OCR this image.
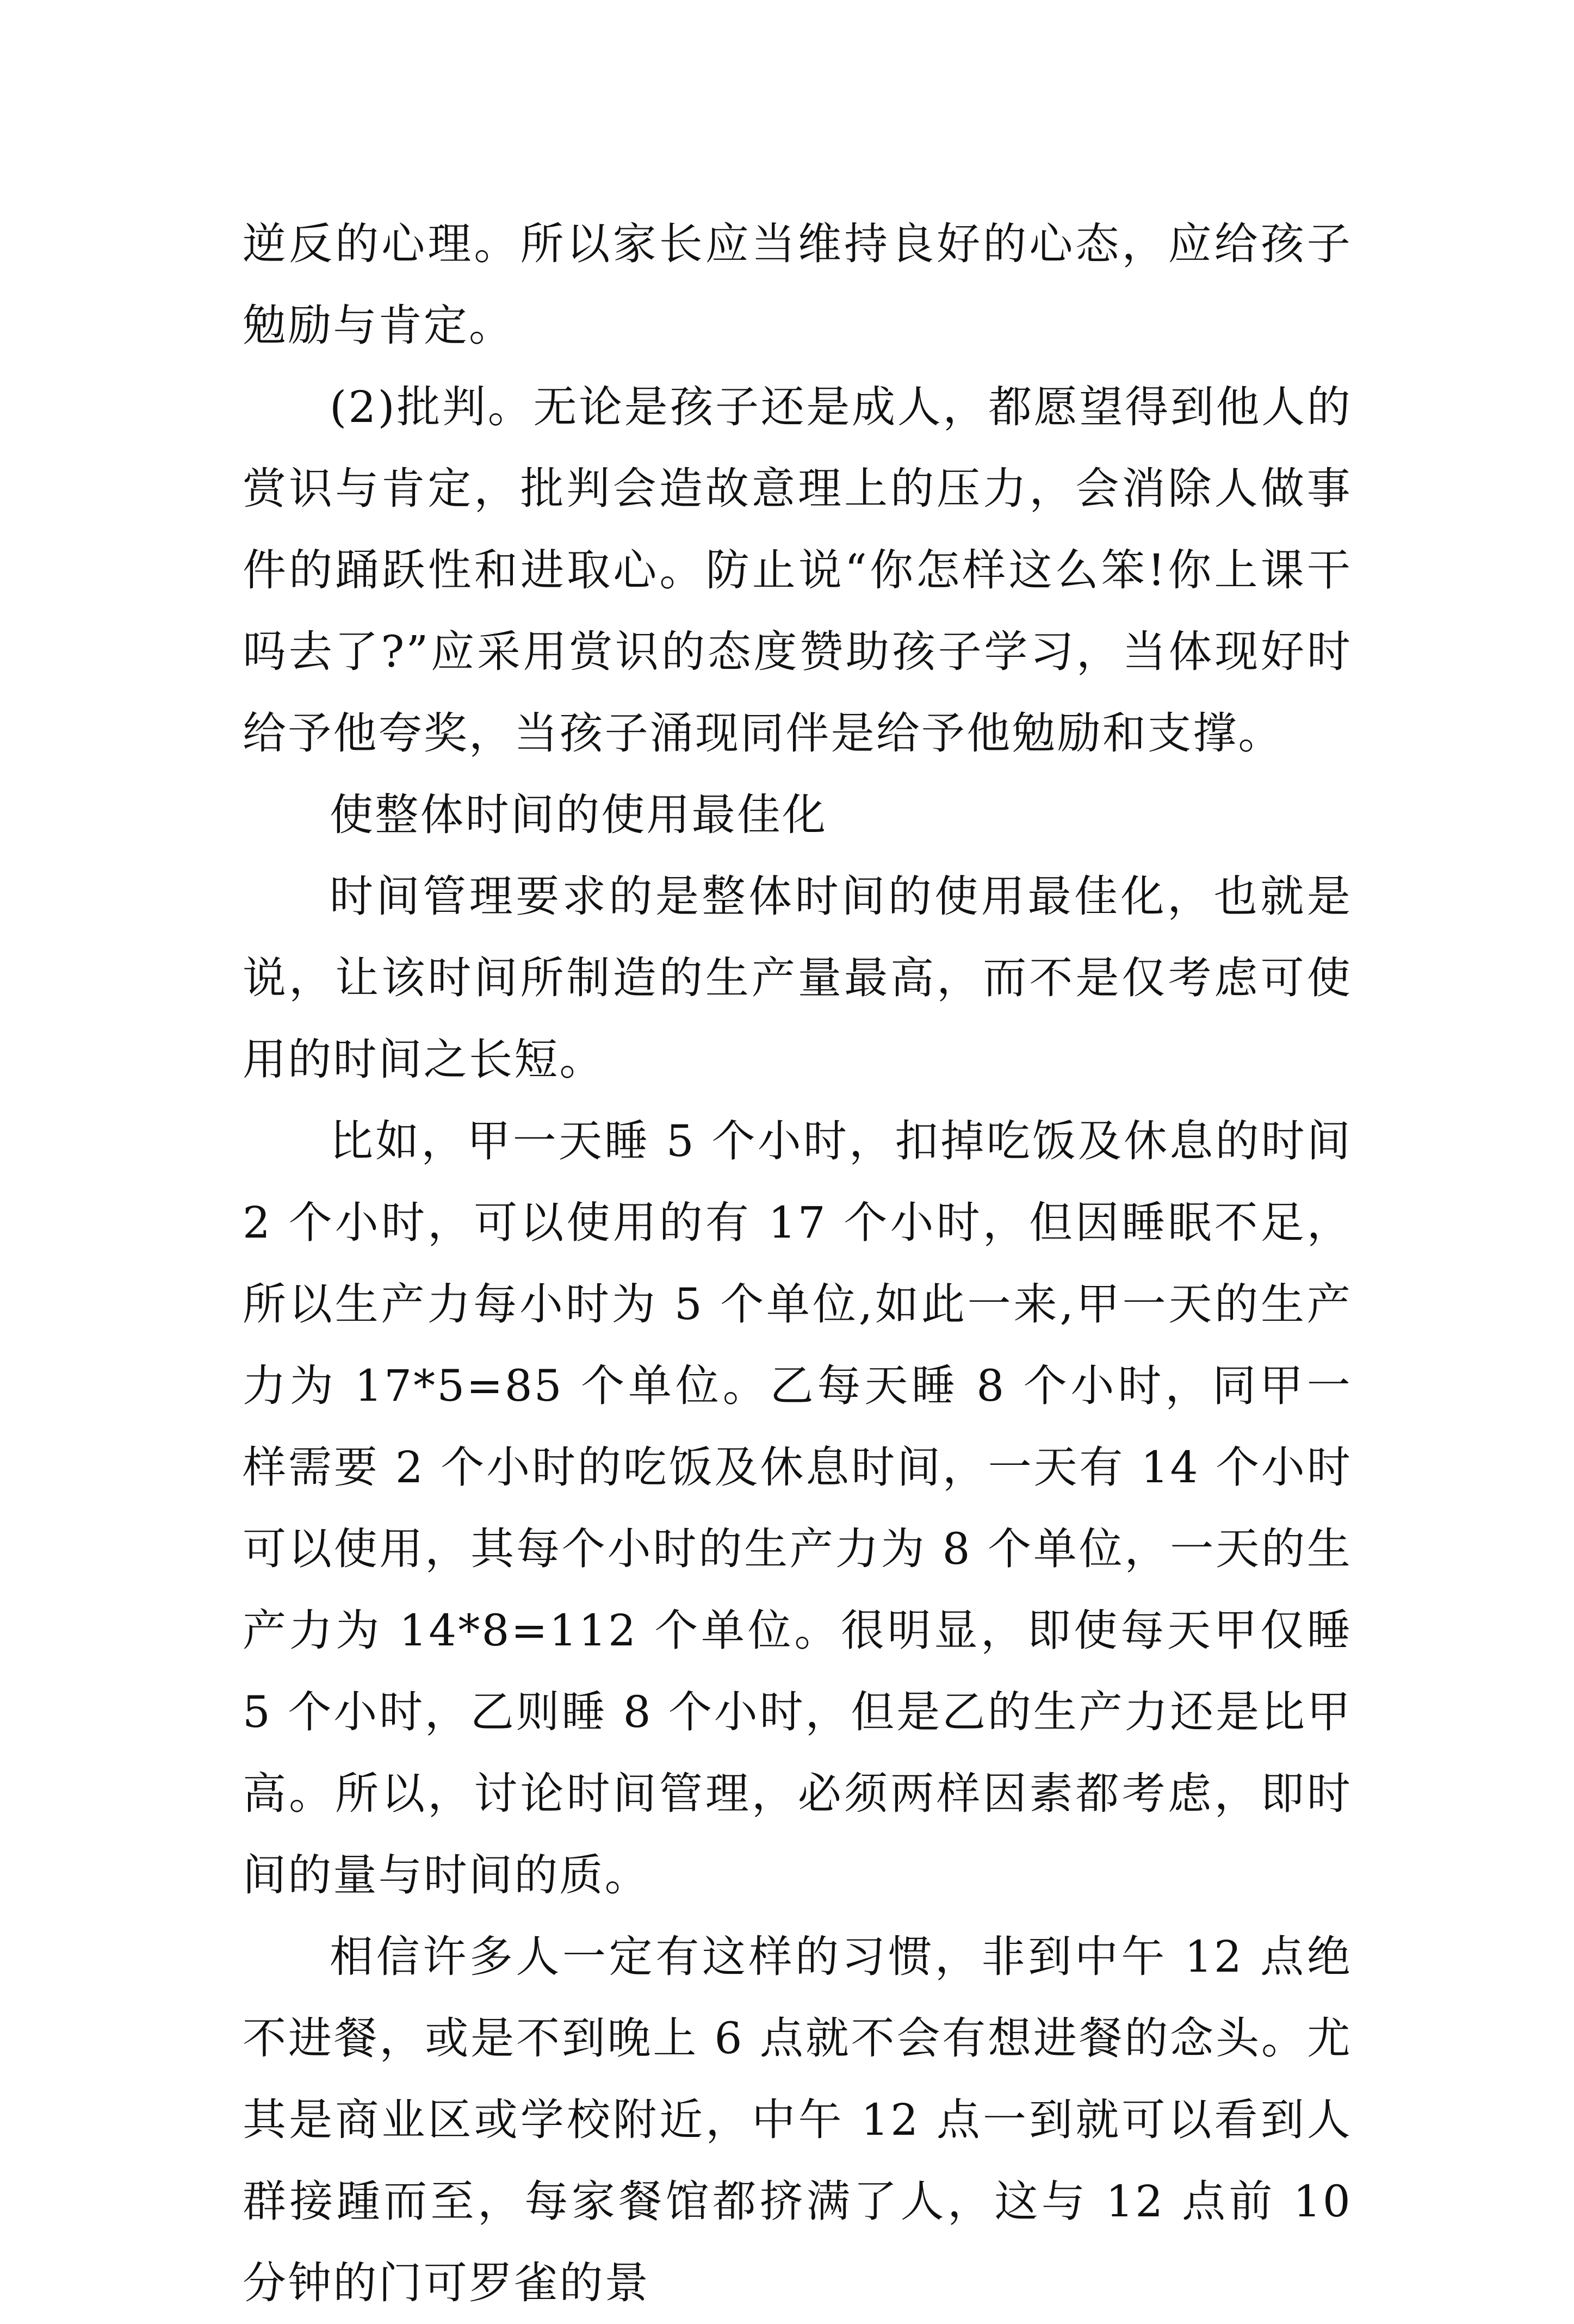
逆反的心理。所以家长应当维持良好的心态，应给孩子勉励与肯定。

(2)批判。无论是孩子还是成人，都愿望得到他人的赏识与肯定，批判会造故意理上的压力，会消除人做事件的踊跃性和进取心。防止说“你怎样这么笨!你上课干吗去了?”应采用赏识的态度赞助孩子学习，当体现好时给予他夸奖，当孩子涌现同伴是给予他勉励和支撑。

使整体时间的使用最佳化

时间管理要求的是整体时间的使用最佳化，也就是说，让该时间所制造的生产量最高，而不是仅考虑可使用的时间之长短。

比如，甲一天睡 5 个小时，扣掉吃饭及休息的时间 2 个小时，可以使用的有 17 个小时，但因睡眠不足，所以生产力每小时为 5 个单位,如此一来,甲一天的生产力为 17*5=85 个单位。乙每天睡 8 个小时，同甲一样需要 2 个小时的吃饭及休息时间，一天有 14 个小时可以使用，其每个小时的生产力为 8 个单位，一天的生产力为 14*8=112 个单位。很明显，即使每天甲仅睡 5 个小时，乙则睡 8 个小时，但是乙的生产力还是比甲高。所以，讨论时间管理，必须两样因素都考虑，即时间的量与时间的质。

相信许多人一定有这样的习惯，非到中午 12 点绝不进餐，或是不到晚上 6 点就不会有想进餐的念头。尤其是商业区或学校附近，中午 12 点一到就可以看到人群接踵而至，每家餐馆都挤满了人，这与 12 点前 10 分钟的门可罗雀的景
